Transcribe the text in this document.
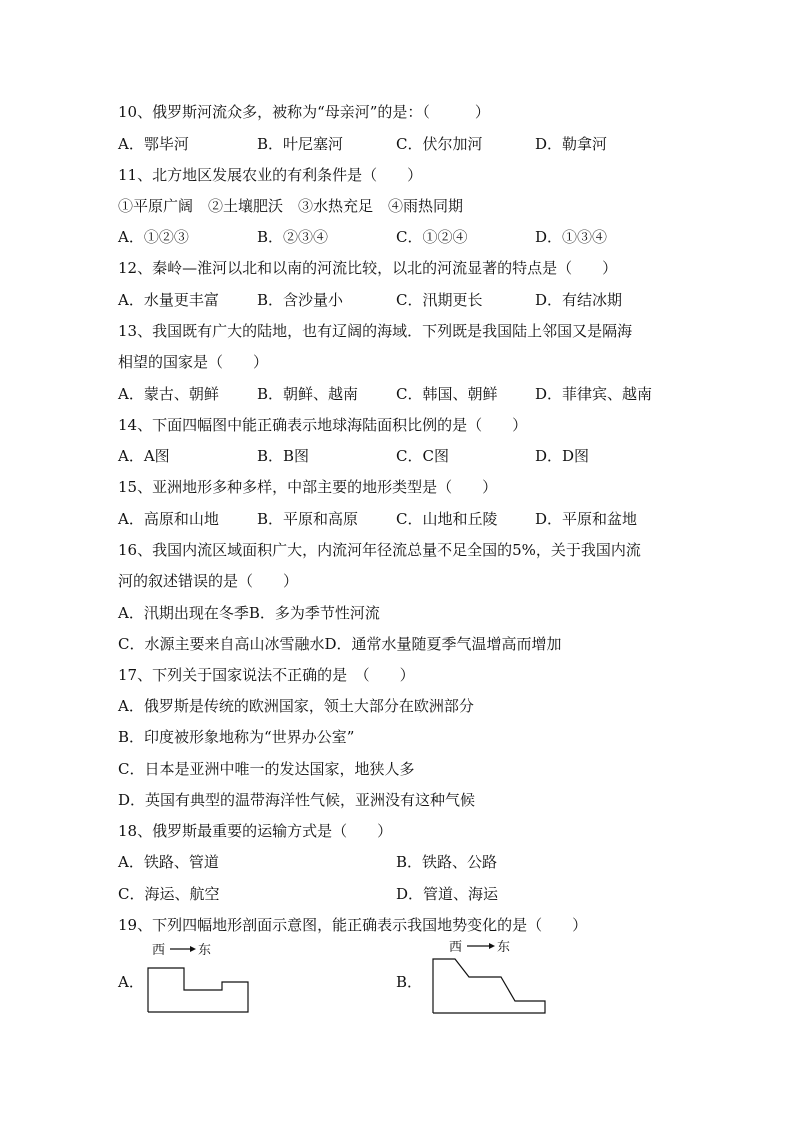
10、俄罗斯河流众多，被称为“母亲河”的是：（　　　）
A．鄂毕河	B．叶尼塞河	C．伏尔加河	D．勒拿河
11、北方地区发展农业的有利条件是（　　）
①平原广阔　②土壤肥沃　③水热充足　④雨热同期
A．①②③	B．②③④	C．①②④	D．①③④
12、秦岭—淮河以北和以南的河流比较，以北的河流显著的特点是（　　）
A．水量更丰富	B．含沙量小	C．汛期更长	D．有结冰期
13、我国既有广大的陆地，也有辽阔的海域．下列既是我国陆上邻国又是隔海
相望的国家是（　　）
A．蒙古、朝鲜	B．朝鲜、越南	C．韩国、朝鲜	D．菲律宾、越南
14、下面四幅图中能正确表示地球海陆面积比例的是（　　）
A．A图	B．B图	C．C图	D．D图
15、亚洲地形多种多样，中部主要的地形类型是（　　）
A．高原和山地	B．平原和高原	C．山地和丘陵	D．平原和盆地
16、我国内流区域面积广大，内流河年径流总量不足全国的5%，关于我国内流
河的叙述错误的是（　　）
A．汛期出现在冬季B．多为季节性河流
C．水源主要来自高山冰雪融水D．通常水量随夏季气温增高而增加
17、下列关于国家说法不正确的是　（　　）
A．俄罗斯是传统的欧洲国家，领土大部分在欧洲部分
B．印度被形象地称为“世界办公室”
C．日本是亚洲中唯一的发达国家，地狭人多
D．英国有典型的温带海洋性气候，亚洲没有这种气候
18、俄罗斯最重要的运输方式是（　　）
A．铁路、管道	B．铁路、公路
C．海运、航空	D．管道、海运
19、下列四幅地形剖面示意图，能正确表示我国地势变化的是（　　）
A．
西	东
B．
西	东
